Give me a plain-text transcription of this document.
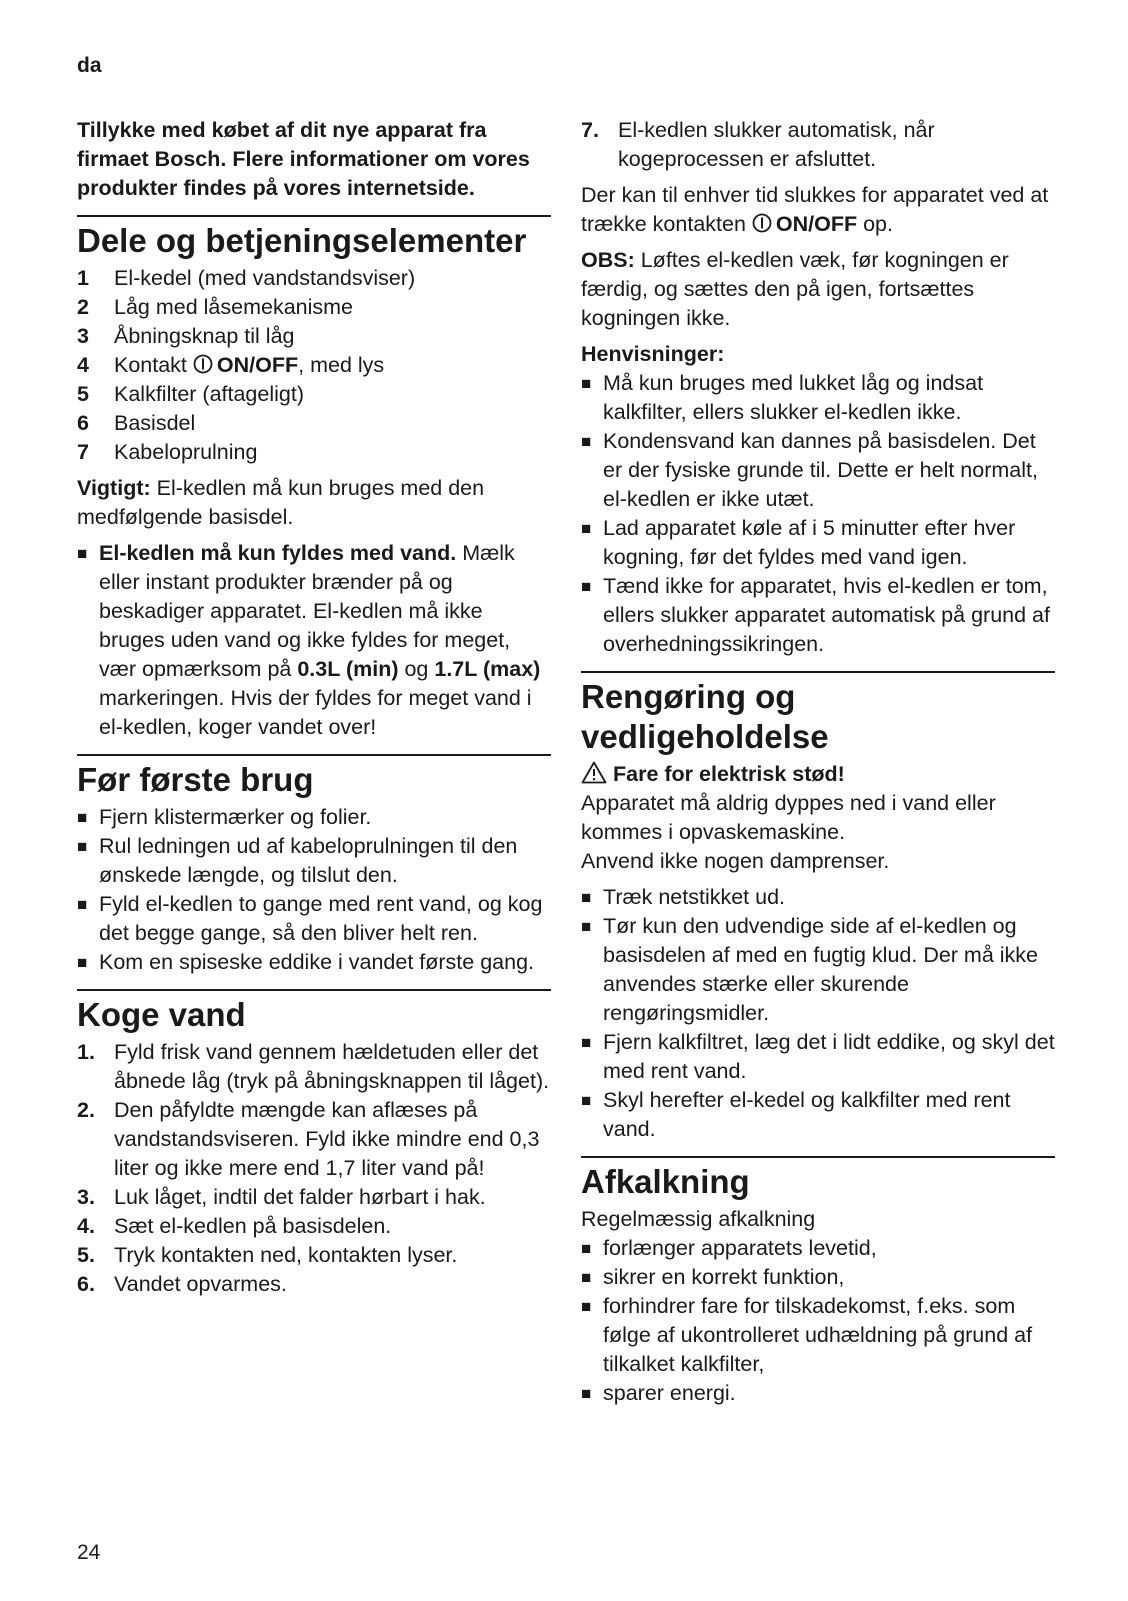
da

Tillykke med købet af dit nye apparat fra firmaet Bosch. Flere informationer om vores produkter findes på vores internetside.

Dele og betjeningselementer
1	El-kedel (med vandstandsviser)
2	Låg med låsemekanisme
3	Åbningsknap til låg
4	Kontakt ON/OFF, med lys
5	Kalkfilter (aftageligt)
6	Basisdel
7	Kabeloprulning

Vigtigt: El-kedlen må kun bruges med den medfølgende basisdel.

■ El-kedlen må kun fyldes med vand. Mælk eller instant produkter brænder på og beskadiger apparatet. El-kedlen må ikke bruges uden vand og ikke fyldes for meget, vær opmærksom på 0.3L (min) og 1.7L (max) markeringen. Hvis der fyldes for meget vand i el-kedlen, koger vandet over!
Før første brug
■ Fjern klistermærker og folier.
■ Rul ledningen ud af kabeloprulningen til den ønskede længde, og tilslut den.
■ Fyld el-kedlen to gange med rent vand, og kog det begge gange, så den bliver helt ren.
■ Kom en spiseske eddike i vandet første gang.
Koge vand
1. Fyld frisk vand gennem hældetuden eller det åbnede låg (tryk på åbningsknappen til låget).
2. Den påfyldte mængde kan aflæses på vandstandsviseren. Fyld ikke mindre end 0,3 liter og ikke mere end 1,7 liter vand på!
3. Luk låget, indtil det falder hørbart i hak.
4. Sæt el-kedlen på basisdelen.
5. Tryk kontakten ned, kontakten lyser.
6. Vandet opvarmes.
7. El-kedlen slukker automatisk, når kogeprocessen er afsluttet.

Der kan til enhver tid slukkes for apparatet ved at trække kontakten ON/OFF op.

OBS: Løftes el-kedlen væk, før kogningen er færdig, og sættes den på igen, fortsættes kogningen ikke.

Henvisninger:

■ Må kun bruges med lukket låg og indsat kalkfilter, ellers slukker el-kedlen ikke.
■ Kondensvand kan dannes på basisdelen. Det er der fysiske grunde til. Dette er helt normalt, el-kedlen er ikke utæt.
■ Lad apparatet køle af i 5 minutter efter hver kogning, før det fyldes med vand igen.
■ Tænd ikke for apparatet, hvis el-kedlen er tom, ellers slukker apparatet automatisk på grund af overhedningssikringen.
Rengøring og
vedligeholdelse

Fare for elektrisk stød!

Apparatet må aldrig dyppes ned i vand eller kommes i opvaskemaskine.
Anvend ikke nogen damprenser.

■ Træk netstikket ud.
■ Tør kun den udvendige side af el-kedlen og basisdelen af med en fugtig klud. Der må ikke anvendes stærke eller skurende rengøringsmidler.
■ Fjern kalkfiltret, læg det i lidt eddike, og skyl det med rent vand.
■ Skyl herefter el-kedel og kalkfilter med rent vand.
Afkalkning

Regelmæssig afkalkning

■ forlænger apparatets levetid,
■ sikrer en korrekt funktion,
■ forhindrer fare for tilskadekomst, f.eks. som følge af ukontrolleret udhældning på grund af tilkalket kalkfilter,
■ sparer energi.
24
